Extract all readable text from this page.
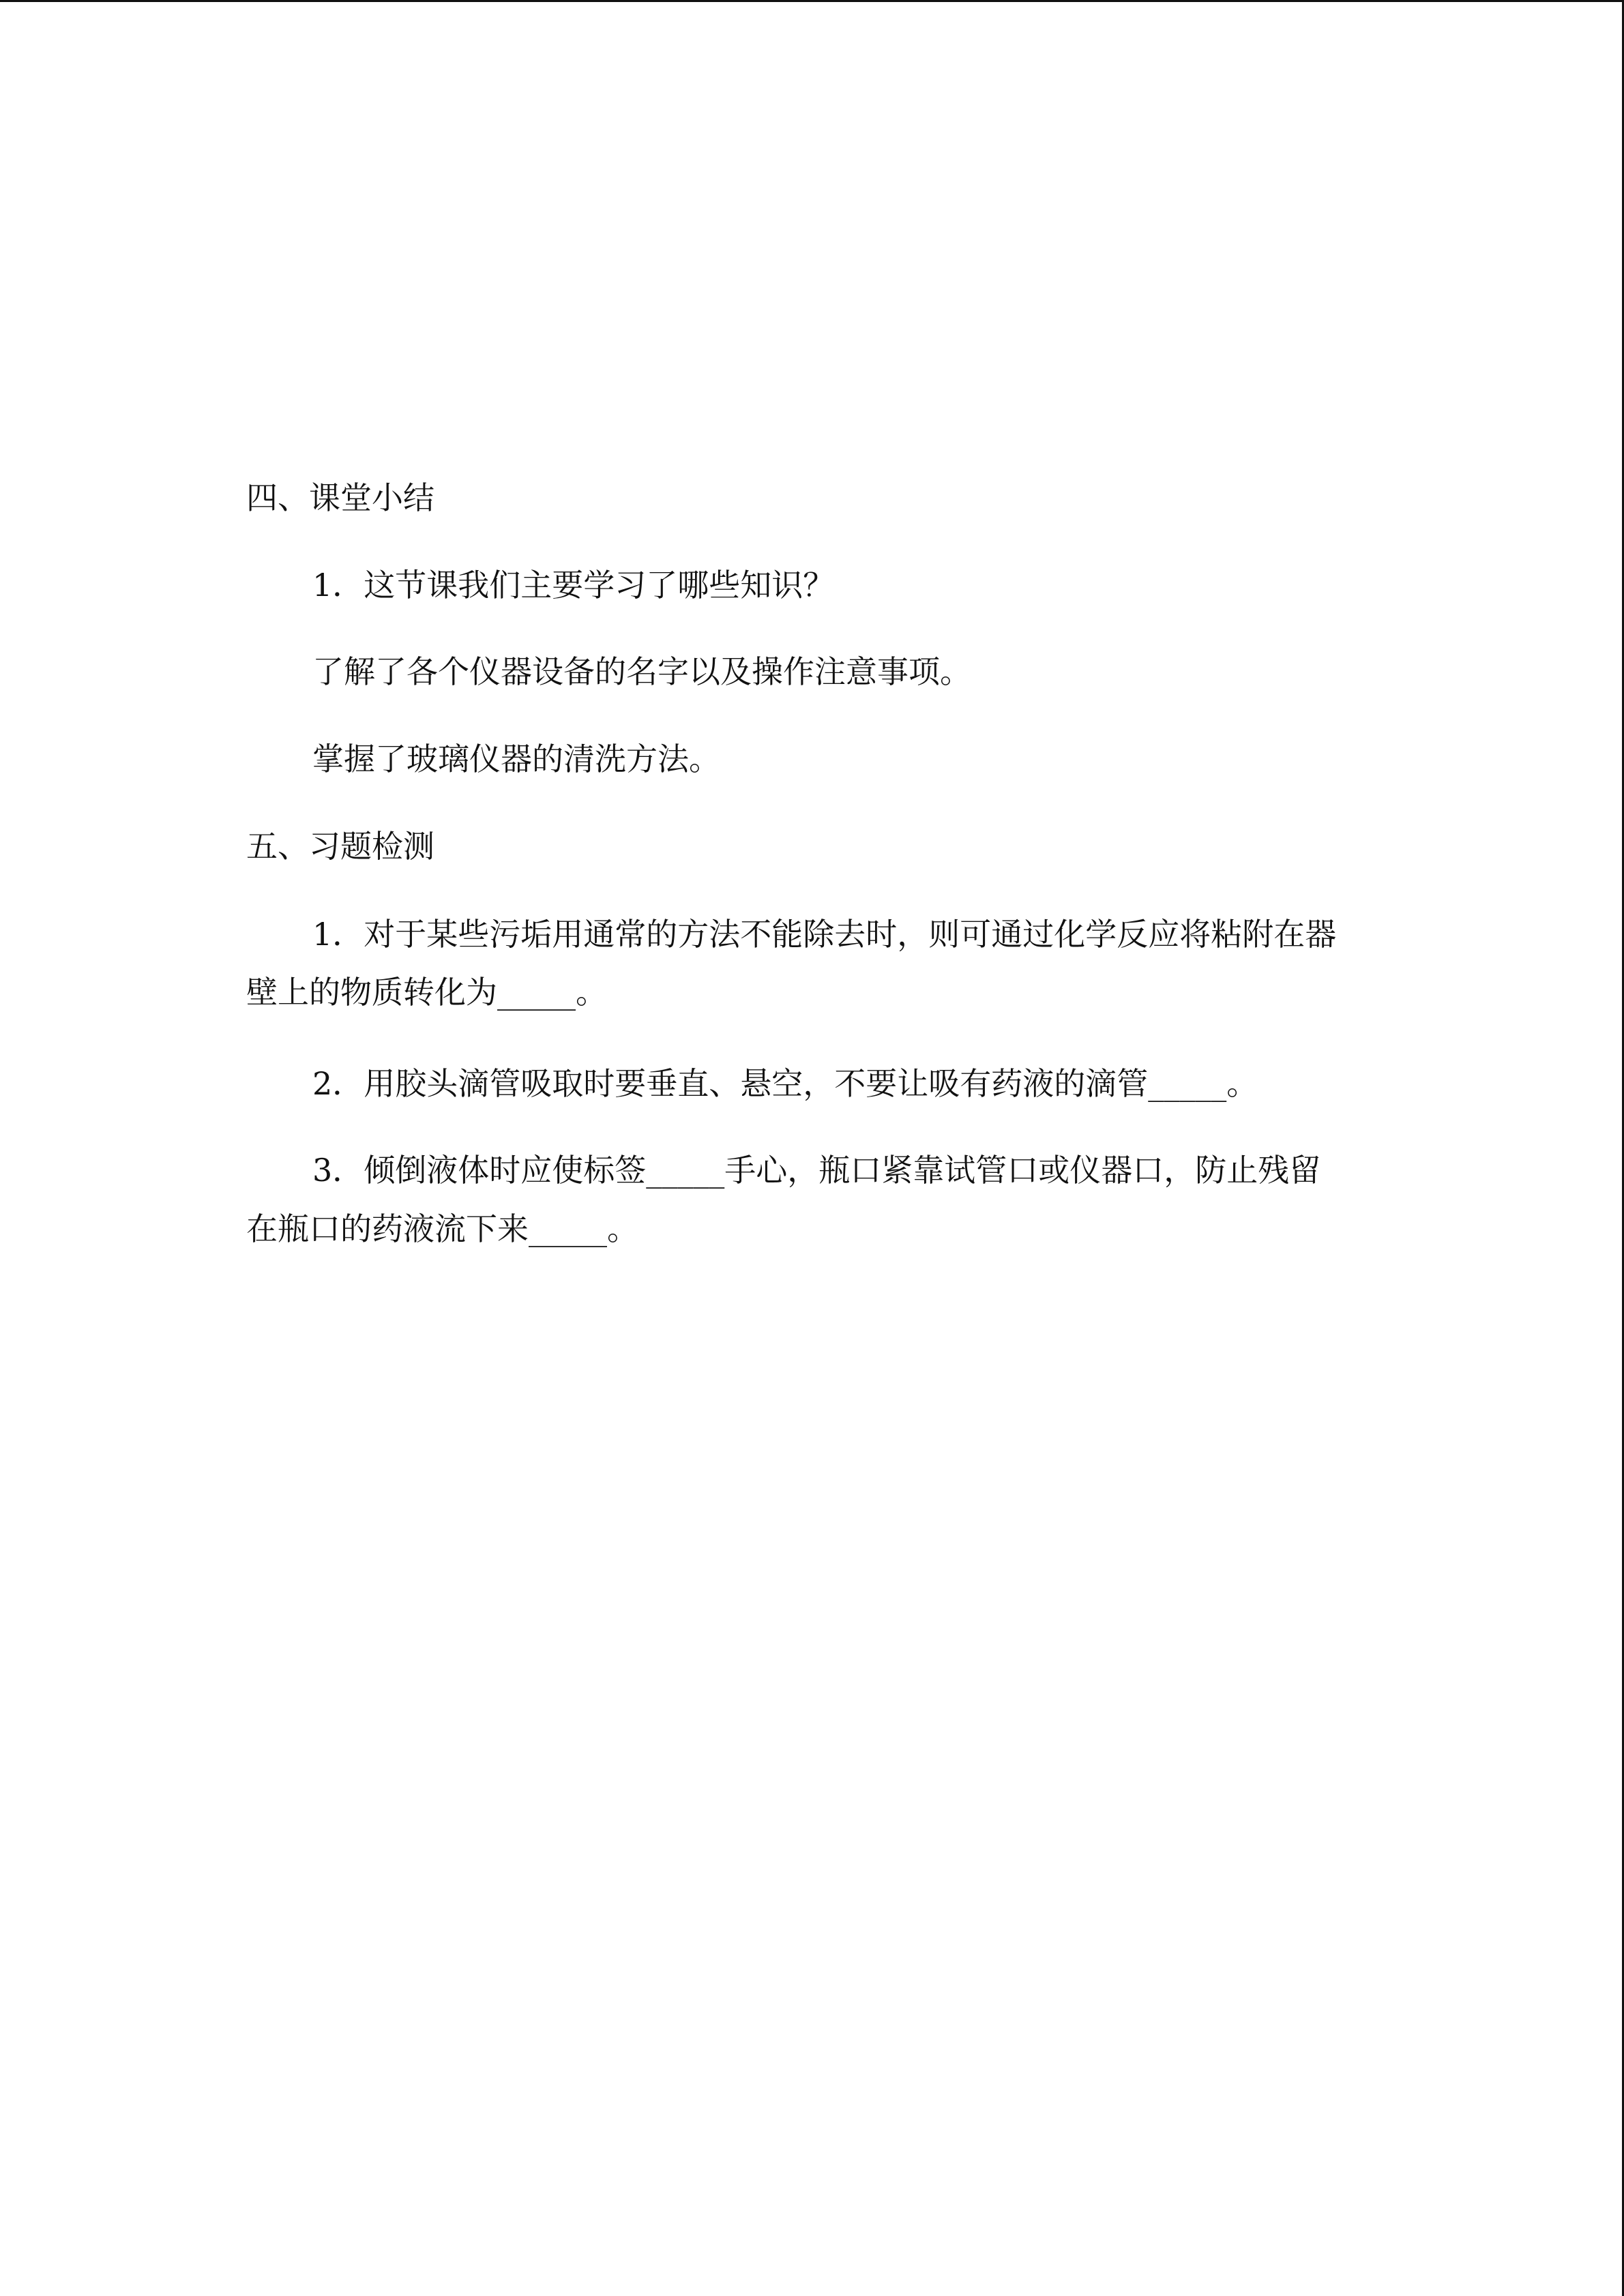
四、课堂小结
1．这节课我们主要学习了哪些知识？
了解了各个仪器设备的名字以及操作注意事项。
掌握了玻璃仪器的清洗方法。
五、习题检测
1．对于某些污垢用通常的方法不能除去时，则可通过化学反应将粘附在器
壁上的物质转化为_____。
2．用胶头滴管吸取时要垂直、悬空，不要让吸有药液的滴管_____。
3．倾倒液体时应使标签_____手心，瓶口紧靠试管口或仪器口，防止残留
在瓶口的药液流下来_____。
